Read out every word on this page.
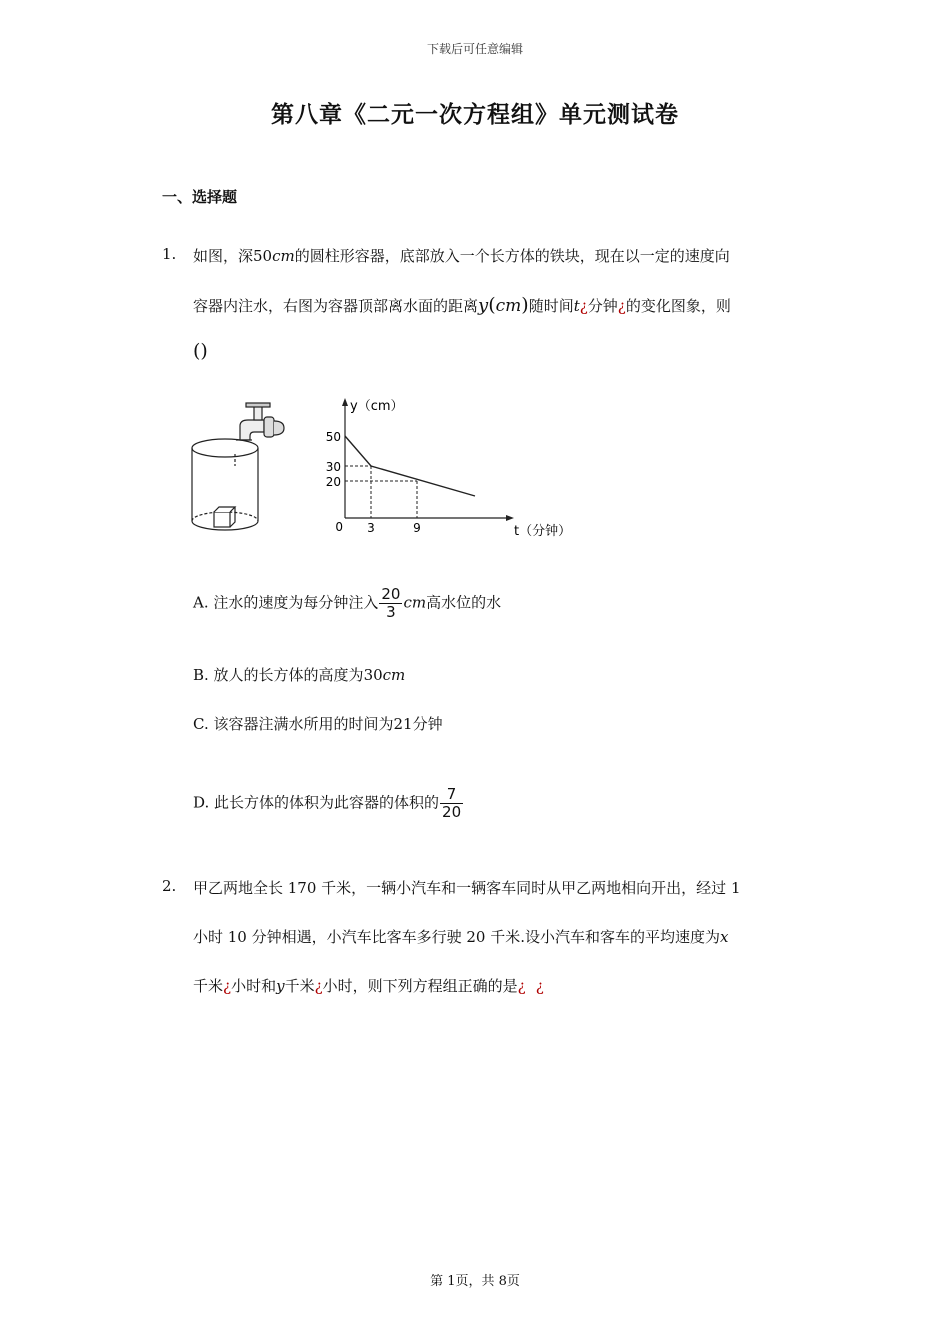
下载后可任意编辑
第八章《二元一次方程组》单元测试卷
一、选择题
1. 如图，深50cm的圆柱形容器，底部放入一个长方体的铁块，现在以一定的速度向
容器内注水，右图为容器顶部离水面的距离y(cm)随时间t¿分钟¿的变化图象，则
()
y（cm）
t（分钟）
0
50
30
20
3	9
A. 注水的速度为每分钟注入 $\frac{20}{3}$ cm高水位的水
B. 放人的长方体的高度为30cm
C. 该容器注满水所用的时间为21分钟
D. 此长方体的体积为此容器的体积的 $\frac{7}{20}$
2. 甲乙两地全长 170 千米，一辆小汽车和一辆客车同时从甲乙两地相向开出，经过 1
小时 10 分钟相遇，小汽车比客车多行驶 20 千米.设小汽车和客车的平均速度为x
千米¿小时和y千米¿小时，则下列方程组正确的是¿ ¿
第 1页，共 8页
